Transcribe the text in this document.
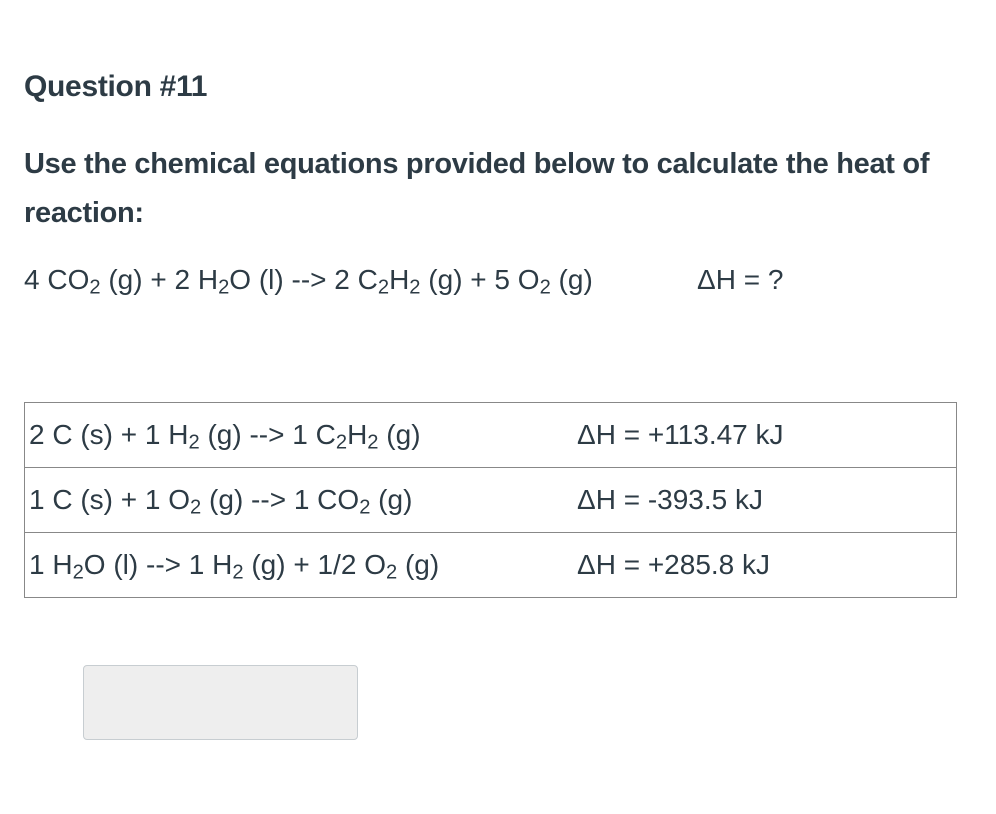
Question #11
Use the chemical equations provided below to calculate the heat of reaction:
4 $CO_2$ (g) + 2 $H_2O$ (l) --> 2 $C_2H_2$ (g) + 5 $O_2$ (g)	ΔH = ?
2 C (s) + 1 $H_2$ (g) --> 1 $C_2H_2$ (g)	ΔH = +113.47 kJ
1 C (s) + 1 $O_2$ (g) --> 1 $CO_2$ (g)	ΔH = -393.5 kJ
1 $H_2O$ (l) --> 1 $H_2$ (g) + 1/2 $O_2$ (g)	ΔH = +285.8 kJ
